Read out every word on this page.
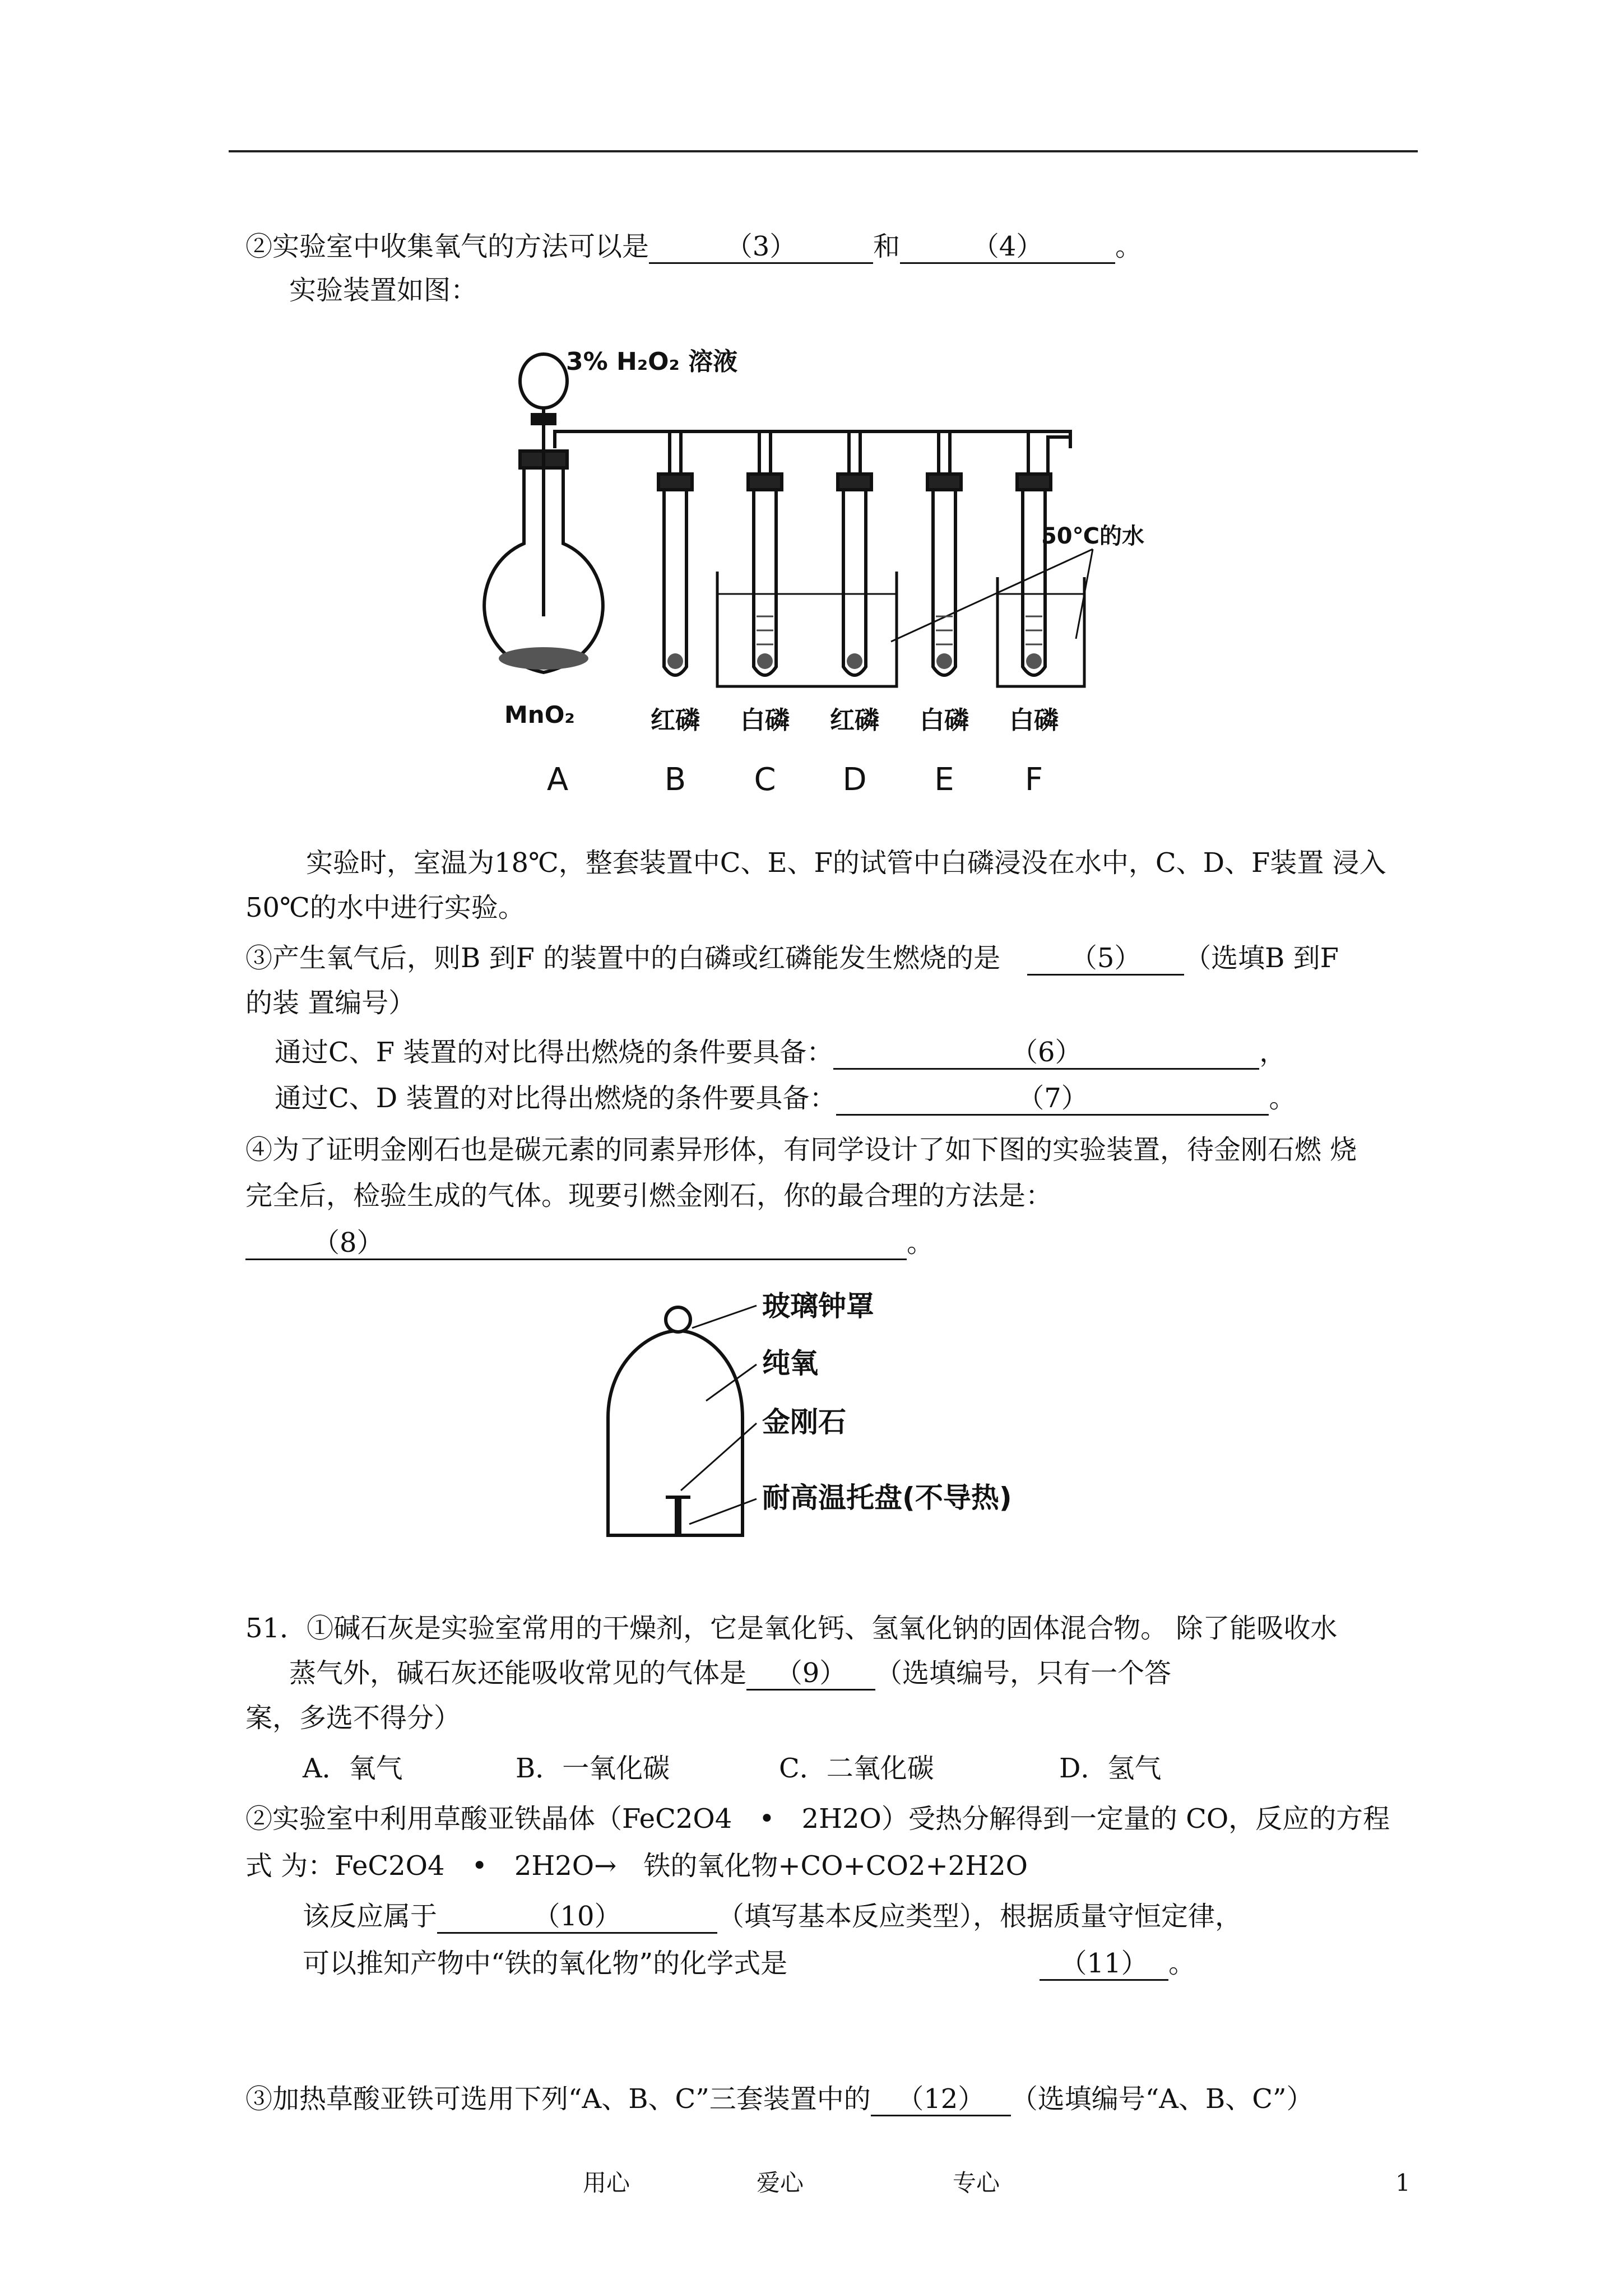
②实验室中收集氧气的方法可以是	（3）	和	（4）	。
实验装置如图：
3% H₂O₂ 溶液
50℃的水
MnO₂	红磷 白磷 红磷 白磷 白磷
A	B C D E F
实验时，室温为18℃，整套装置中C、E、F的试管中白磷浸没在水中，C、D、F装置 浸入
50℃的水中进行实验。
③产生氧气后，则B 到F 的装置中的白磷或红磷能发生燃烧的是　	（5） （选填B 到F
的装 置编号）
通过C、F 装置的对比得出燃烧的条件要具备：	（6）	，
通过C、D 装置的对比得出燃烧的条件要具备：	（7）	。
④为了证明金刚石也是碳元素的同素异形体，有同学设计了如下图的实验装置，待金刚石燃 烧
完全后，检验生成的气体。现要引燃金刚石，你的最合理的方法是：
（8）	。
玻璃钟罩
纯氧
金刚石
耐高温托盘(不导热)
51．①碱石灰是实验室常用的干燥剂，它是氧化钙、氢氧化钠的固体混合物。 除了能吸收水
蒸气外，碱石灰还能吸收常见的气体是 （9） （选填编号，只有一个答
案，多选不得分）
A．氧气	B．一氧化碳	C．二氧化碳	D．氢气
②实验室中利用草酸亚铁晶体（FeC2O4　•　2H2O）受热分解得到一定量的 CO，反应的方程
式 为：FeC2O4　•　2H2O→　铁的氧化物+CO+CO2+2H2O
该反应属于	（10）	（填写基本反应类型），根据质量守恒定律，
可以推知产物中“铁的氧化物”的化学式是	（11） 。
③加热草酸亚铁可选用下列“A、B、C”三套装置中的 （12） （选填编号“A、B、C”）
用心	爱心	专心	1
